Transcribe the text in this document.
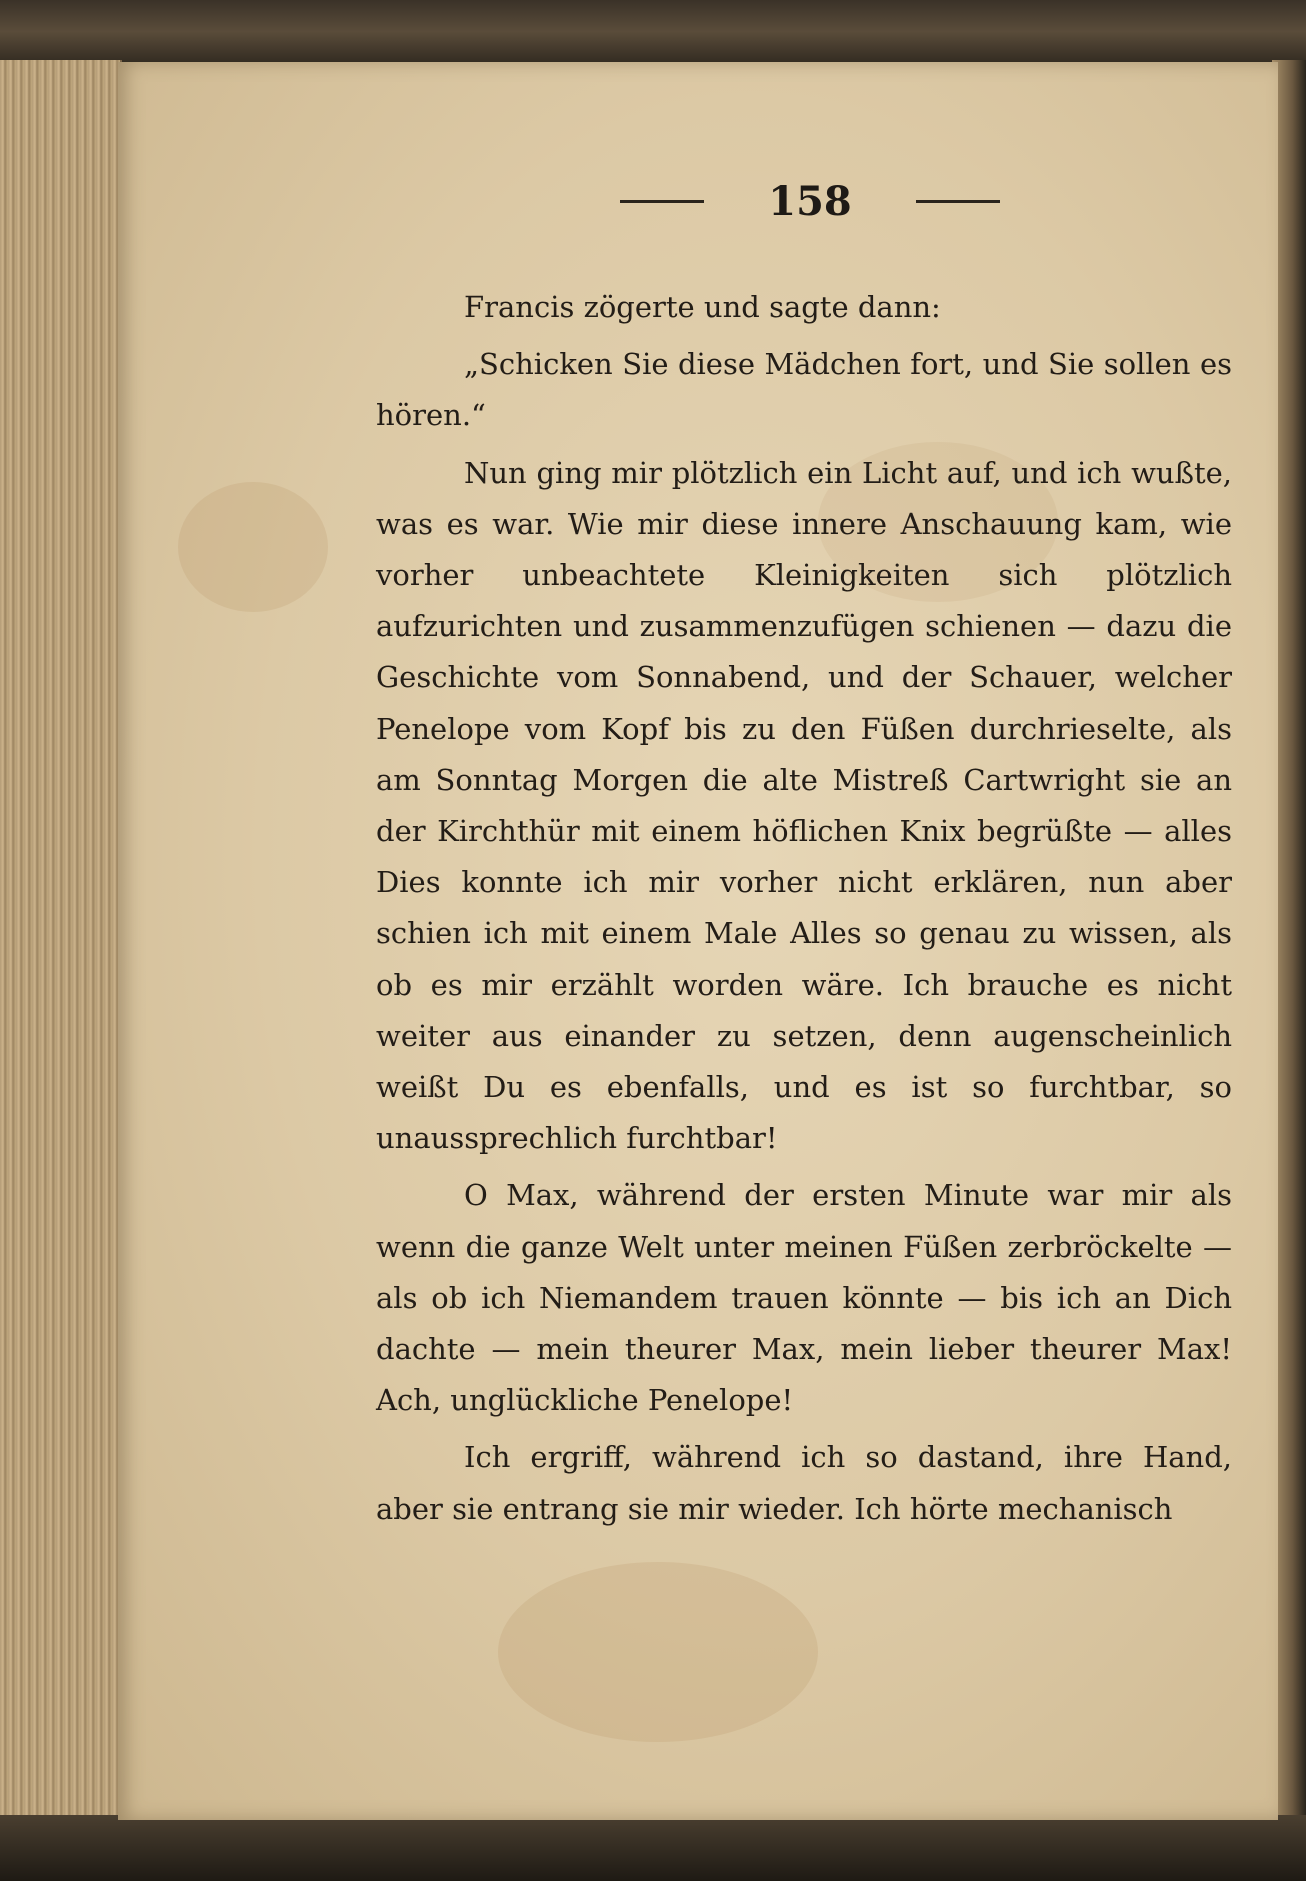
158

Francis zögerte und sagte dann:

„Schicken Sie diese Mädchen fort, und Sie sollen es hören.“

Nun ging mir plötzlich ein Licht auf, und ich wußte, was es war. Wie mir diese innere Anschauung kam, wie vorher unbeachtete Kleinigkeiten sich plötzlich aufzurichten und zusammenzufügen schienen — dazu die Geschichte vom Sonnabend, und der Schauer, welcher Penelope vom Kopf bis zu den Füßen durchrieselte, als am Sonntag Morgen die alte Mistreß Cartwright sie an der Kirchthür mit einem höflichen Knix begrüßte — alles Dies konnte ich mir vorher nicht erklären, nun aber schien ich mit einem Male Alles so genau zu wissen, als ob es mir erzählt worden wäre. Ich brauche es nicht weiter aus einander zu setzen, denn augenscheinlich weißt Du es ebenfalls, und es ist so furchtbar, so unaussprechlich furchtbar!

O Max, während der ersten Minute war mir als wenn die ganze Welt unter meinen Füßen zerbröckelte — als ob ich Niemandem trauen könnte — bis ich an Dich dachte — mein theurer Max, mein lieber theurer Max! Ach, unglückliche Penelope!

Ich ergriff, während ich so dastand, ihre Hand, aber sie entrang sie mir wieder. Ich hörte mechanisch
